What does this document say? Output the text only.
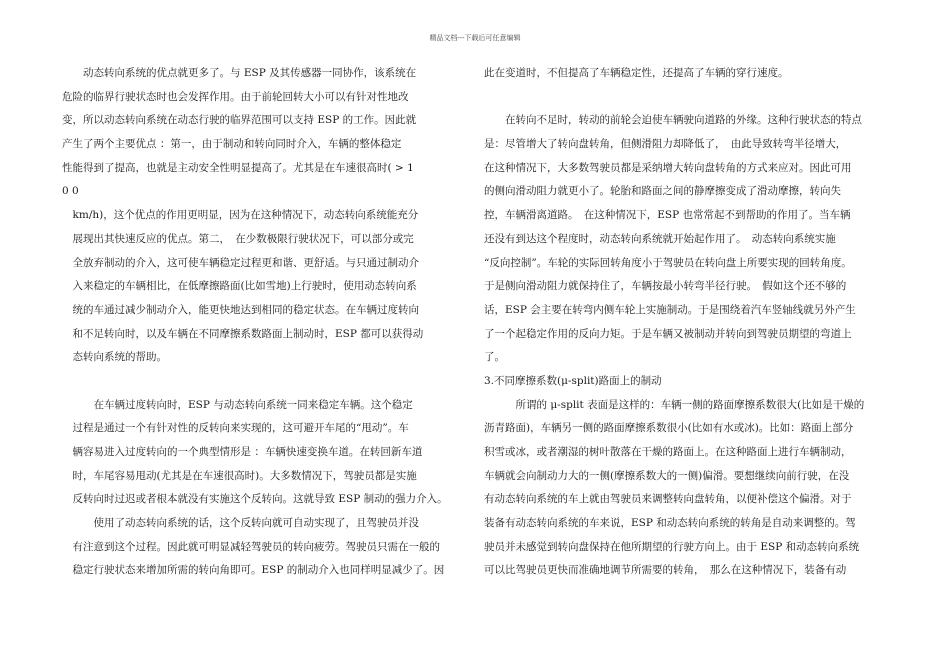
精品文档---下载后可任意编辑
　　动态转向系统的优点就更多了。与 ESP 及其传感器一同协作，该系统在
危险的临界行驶状态时也会发挥作用。由于前轮回转大小可以有针对性地改
变，所以动态转向系统在动态行驶的临界范围可以支持 ESP 的工作。因此就
产生了两个主要优点 ：第一，由于制动和转向同时介入，车辆的整体稳定
性能得到了提高，也就是主动安全性明显提高了。尤其是在车速很高时( > 1
0 0
　km/h)，这个优点的作用更明显，因为在这种情况下，动态转向系统能充分
　展现出其快速反应的优点。第二，　在少数极限行驶状况下，可以部分或完
　全放弃制动的介入，这可使车辆稳定过程更和谐、更舒适。与只通过制动介
　入来稳定的车辆相比，在低摩擦路面(比如雪地)上行驶时，使用动态转向系
　统的车通过减少制动介入，能更快地达到相同的稳定状态。在车辆过度转向
　和不足转向时，以及车辆在不同摩擦系数路面上制动时，ESP 都可以获得动
　态转向系统的帮助。
　　　在车辆过度转向时，ESP 与动态转向系统一同来稳定车辆。这个稳定
　过程是通过一个有针对性的反转向来实现的，这可避开车尾的“甩动”。车
　辆容易进入过度转向的一个典型情形是 ：车辆快速变换车道。在转回新车道
　时，车尾容易甩动(尤其是在车速很高时)。大多数情况下，驾驶员都是实施
　反转向时过迟或者根本就没有实施这个反转向。这就导致 ESP 制动的强力介入。
　　　使用了动态转向系统的话，这个反转向就可自动实现了，且驾驶员并没
　有注意到这个过程。因此就可明显减轻驾驶员的转向疲劳。驾驶员只需在一般的
　稳定行驶状态来增加所需的转向角即可。ESP 的制动介入也同样明显减少了。因
此在变道时，不但提高了车辆稳定性，还提高了车辆的穿行速度。
　　在转向不足时，转动的前轮会迫使车辆驶向道路的外缘。这种行驶状态的特点
是：尽管增大了转向盘转角，但侧滑阻力却降低了，　由此导致转弯半径增大，
在这种情况下，大多数驾驶员都是采纳增大转向盘转角的方式来应对。因此可用
的侧向滑动阻力就更小了。轮胎和路面之间的静摩擦变成了滑动摩擦，转向失
控，车辆滑离道路。　在这种情况下，ESP 也常常起不到帮助的作用了。当车辆
还没有到达这个程度时，动态转向系统就开始起作用了。　动态转向系统实施
“反向控制”。车轮的实际回转角度小于驾驶员在转向盘上所要实现的回转角度。
于是侧向滑动阻力就保持住了，车辆按最小转弯半径行驶。　假如这个还不够的
话，ESP 会主要在转弯内侧车轮上实施制动。于是围绕着汽车竖轴线就另外产生
了一个起稳定作用的反向力矩。于是车辆又被制动并转向到驾驶员期望的弯道上
了。
3.不同摩擦系数(μ-split)路面上的制动
　　　所谓的 μ-split 表面是这样的：车辆一侧的路面摩擦系数很大(比如是干燥的
沥青路面)，车辆另一侧的路面摩擦系数很小(比如有水或冰)。比如：路面上部分
积雪或冰，或者潮湿的树叶散落在干燥的路面上。在这种路面上进行车辆制动，
车辆就会向制动力大的一侧(摩擦系数大的一侧)偏滑。要想继续向前行驶，在没
有动态转向系统的车上就由驾驶员来调整转向盘转角，以便补偿这个偏滑。对于
装备有动态转向系统的车来说，ESP 和动态转向系统的转角是自动来调整的。驾
驶员并未感觉到转向盘保持在他所期望的行驶方向上。由于 ESP 和动态转向系统
可以比驾驶员更快而准确地调节所需要的转角，　那么在这种情况下，装备有动
